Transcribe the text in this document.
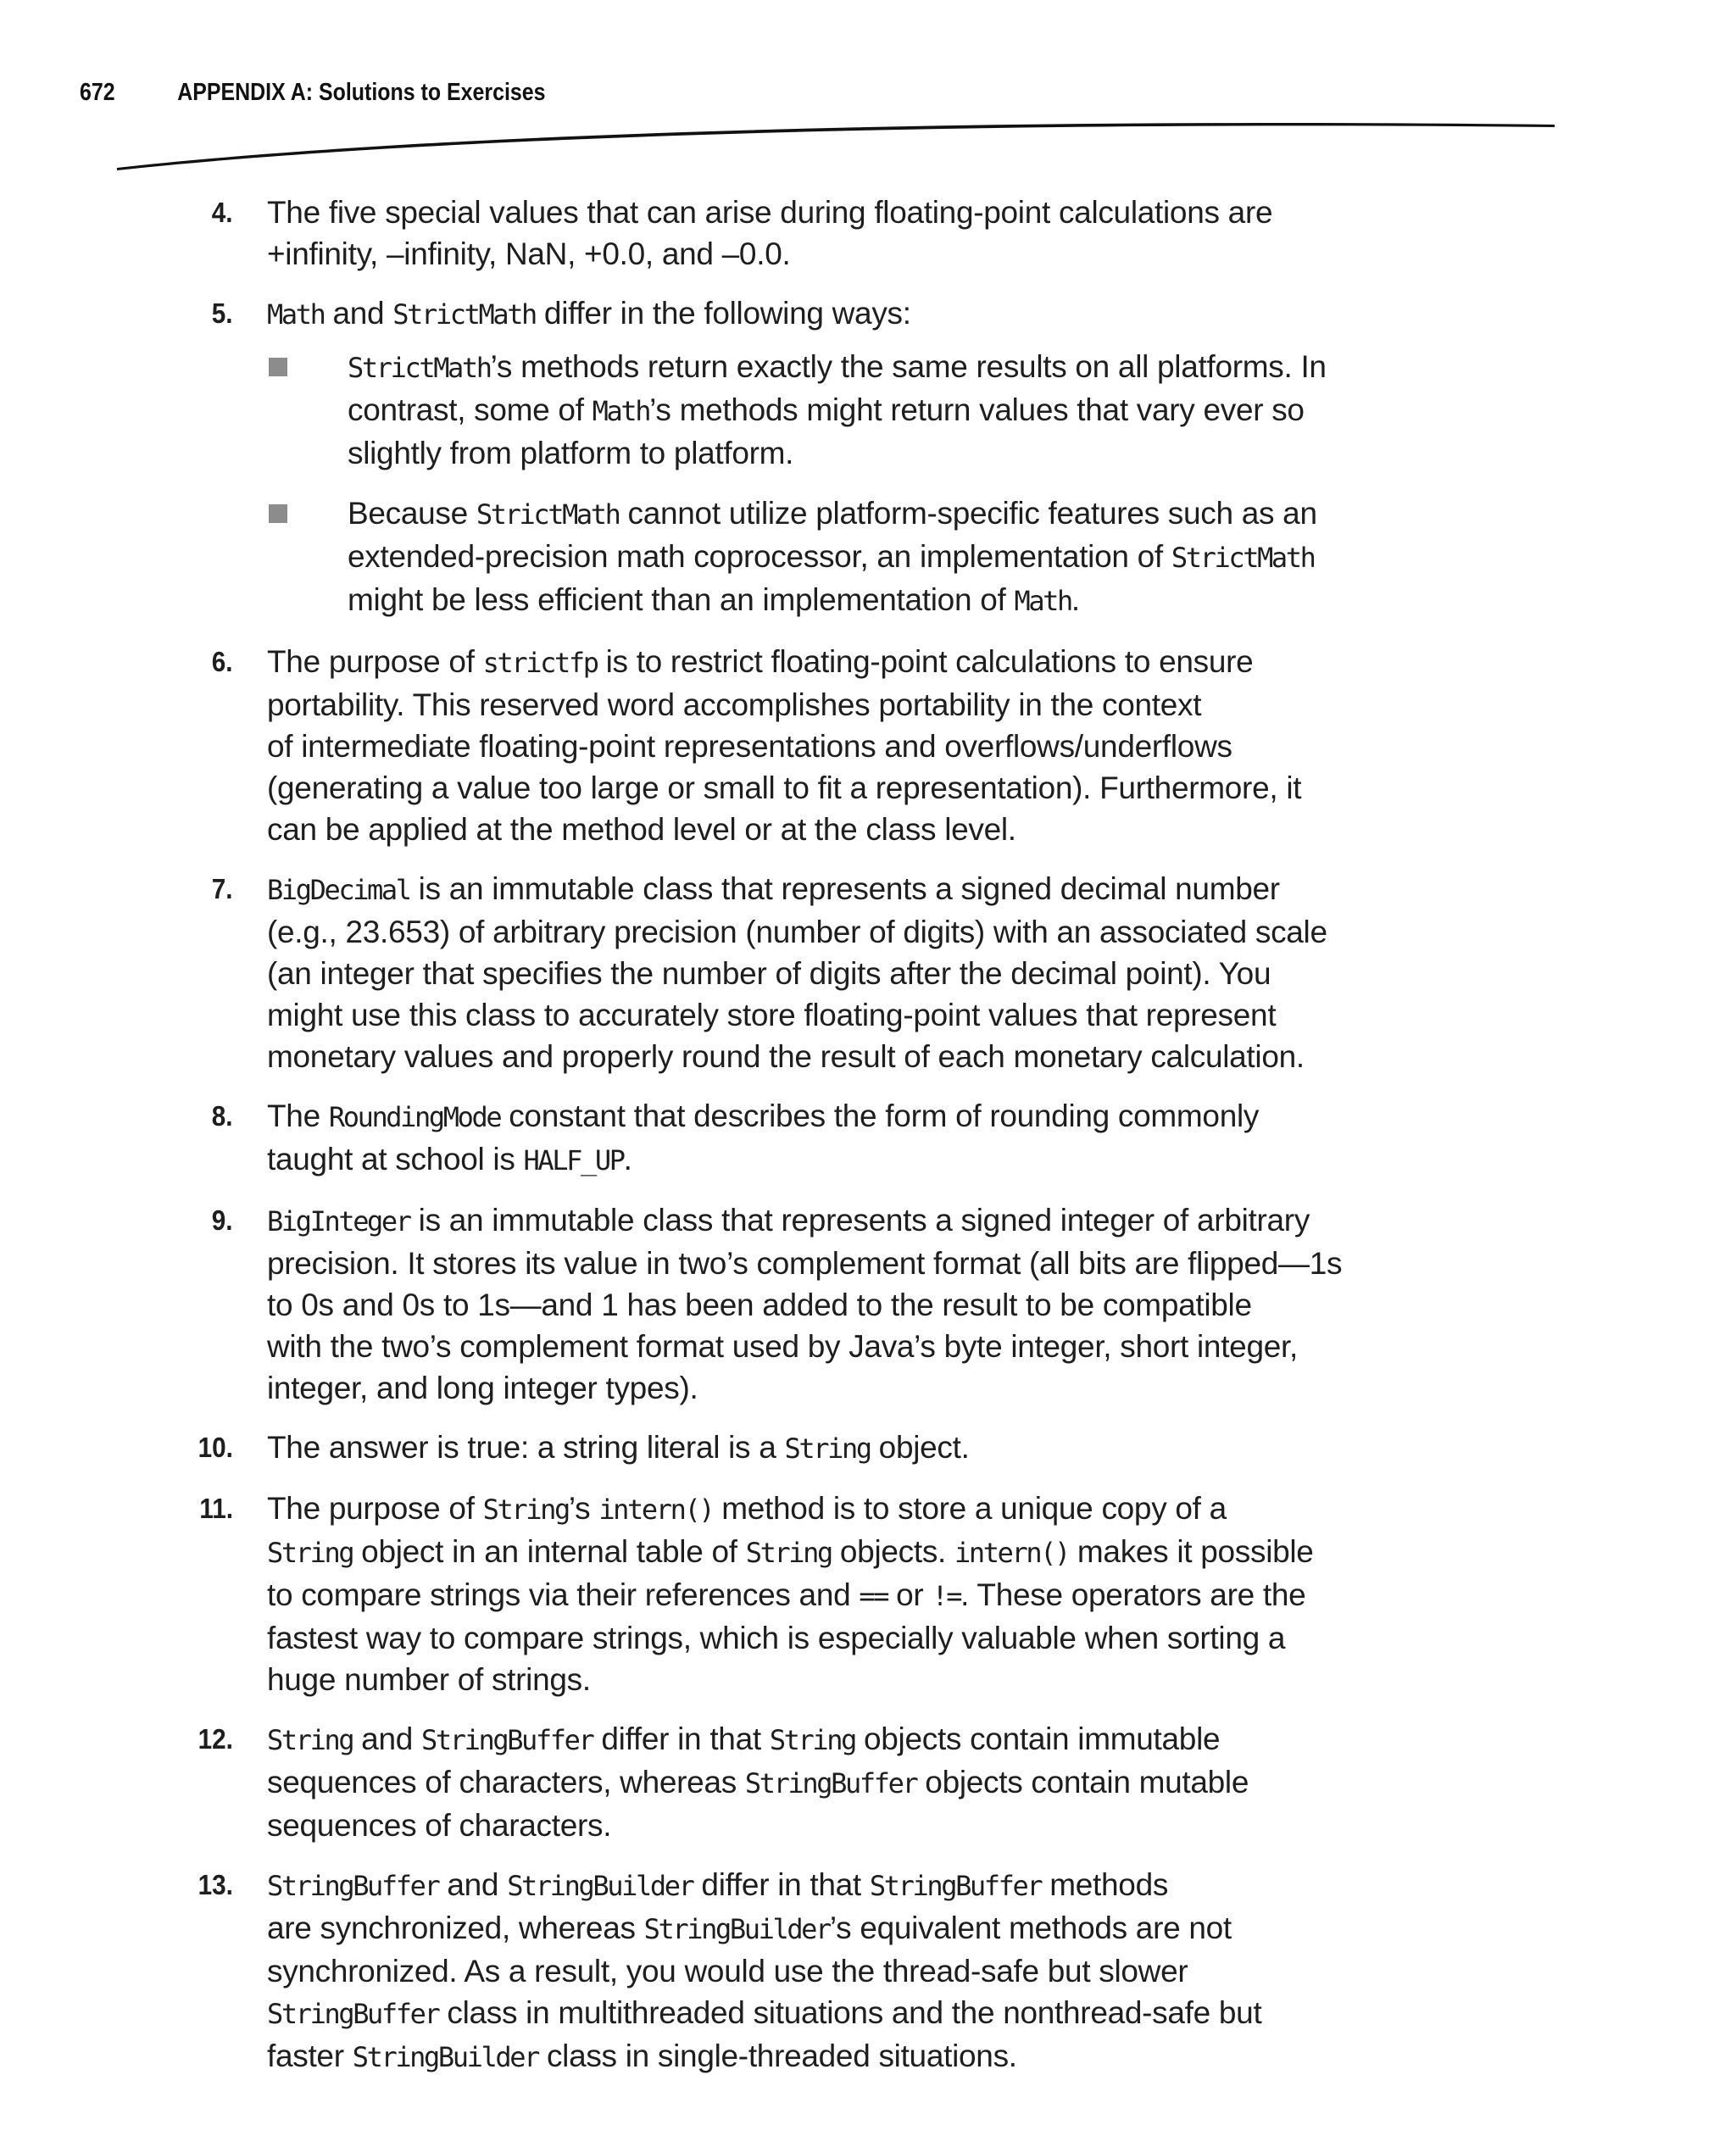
672	APPENDIX A: Solutions to Exercises
4. The five special values that can arise during floating-point calculations are
+infinity, –infinity, NaN, +0.0, and –0.0.
5. Math and StrictMath differ in the following ways:
StrictMath’s methods return exactly the same results on all platforms. In
contrast, some of Math’s methods might return values that vary ever so
slightly from platform to platform.
Because StrictMath cannot utilize platform-specific features such as an
extended-precision math coprocessor, an implementation of StrictMath
might be less efficient than an implementation of Math.
6. The purpose of strictfp is to restrict floating-point calculations to ensure
portability. This reserved word accomplishes portability in the context
of intermediate floating-point representations and overflows/underflows
(generating a value too large or small to fit a representation). Furthermore, it
can be applied at the method level or at the class level.
7. BigDecimal is an immutable class that represents a signed decimal number
(e.g., 23.653) of arbitrary precision (number of digits) with an associated scale
(an integer that specifies the number of digits after the decimal point). You
might use this class to accurately store floating-point values that represent
monetary values and properly round the result of each monetary calculation.
8. The RoundingMode constant that describes the form of rounding commonly
taught at school is HALF_UP.
9. BigInteger is an immutable class that represents a signed integer of arbitrary
precision. It stores its value in two’s complement format (all bits are flipped—1s
to 0s and 0s to 1s—and 1 has been added to the result to be compatible
with the two’s complement format used by Java’s byte integer, short integer,
integer, and long integer types).
10. The answer is true: a string literal is a String object.
11. The purpose of String’s intern() method is to store a unique copy of a
String object in an internal table of String objects. intern() makes it possible
to compare strings via their references and == or !=. These operators are the
fastest way to compare strings, which is especially valuable when sorting a
huge number of strings.
12. String and StringBuffer differ in that String objects contain immutable
sequences of characters, whereas StringBuffer objects contain mutable
sequences of characters.
13. StringBuffer and StringBuilder differ in that StringBuffer methods
are synchronized, whereas StringBuilder’s equivalent methods are not
synchronized. As a result, you would use the thread-safe but slower
StringBuffer class in multithreaded situations and the nonthread-safe but
faster StringBuilder class in single-threaded situations.
